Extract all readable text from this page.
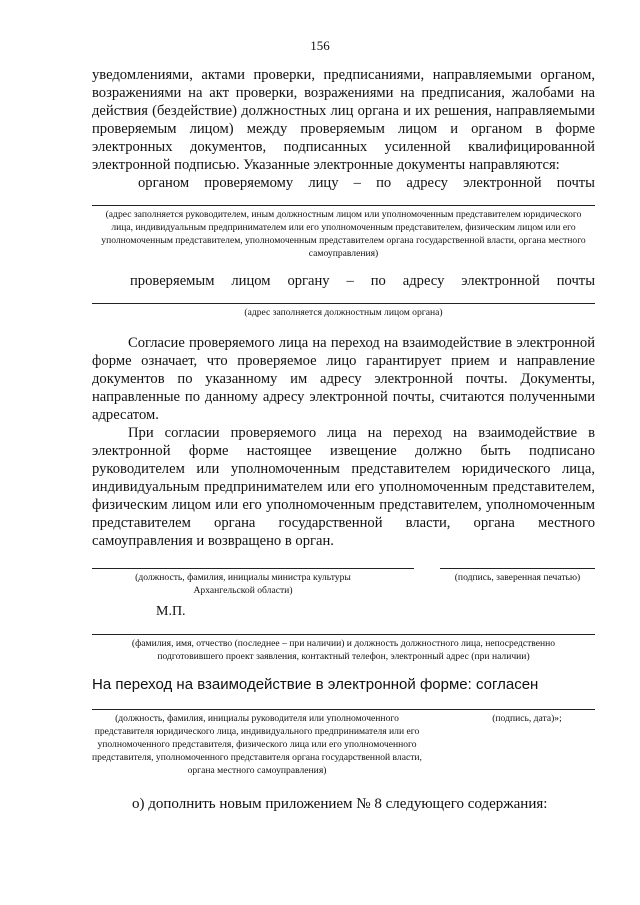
156
уведомлениями, актами проверки, предписаниями, направляемыми органом, возражениями на акт проверки, возражениями на предписания, жалобами на действия (бездействие) должностных лиц органа и их решения, направляемыми проверяемым лицом) между проверяемым лицом и органом в форме электронных документов, подписанных усиленной квалифицированной электронной подписью. Указанные электронные документы направляются:
органом проверяемому лицу – по адресу электронной почты
(адрес заполняется руководителем, иным должностным лицом или уполномоченным представителем юридического лица, индивидуальным предпринимателем или его уполномоченным представителем, физическим лицом или его уполномоченным представителем, уполномоченным представителем органа государственной власти, органа местного самоуправления)
проверяемым лицом органу – по адресу электронной почты
(адрес заполняется должностным лицом органа)
Согласие проверяемого лица на переход на взаимодействие в электронной форме означает, что проверяемое лицо гарантирует прием и направление документов по указанному им адресу электронной почты. Документы, направленные по данному адресу электронной почты, считаются полученными адресатом.
При согласии проверяемого лица на переход на взаимодействие в электронной форме настоящее извещение должно быть подписано руководителем или уполномоченным представителем юридического лица, индивидуальным предпринимателем или его уполномоченным представителем, физическим лицом или его уполномоченным представителем, уполномоченным представителем органа государственной власти, органа местного самоуправления и возвращено в орган.
(должность, фамилия, инициалы министра культуры Архангельской области)
(подпись, заверенная печатью)
М.П.
(фамилия, имя, отчество (последнее – при наличии) и должность должностного лица, непосредственно подготовившего проект заявления, контактный телефон, электронный адрес (при наличии)
На переход на взаимодействие в электронной форме: согласен
(должность, фамилия, инициалы руководителя или уполномоченного представителя юридического лица, индивидуального предпринимателя или его уполномоченного представителя, физического лица или его уполномоченного представителя, уполномоченного представителя органа государственной власти, органа местного самоуправления)
(подпись, дата)»;
о) дополнить новым приложением № 8 следующего содержания:
